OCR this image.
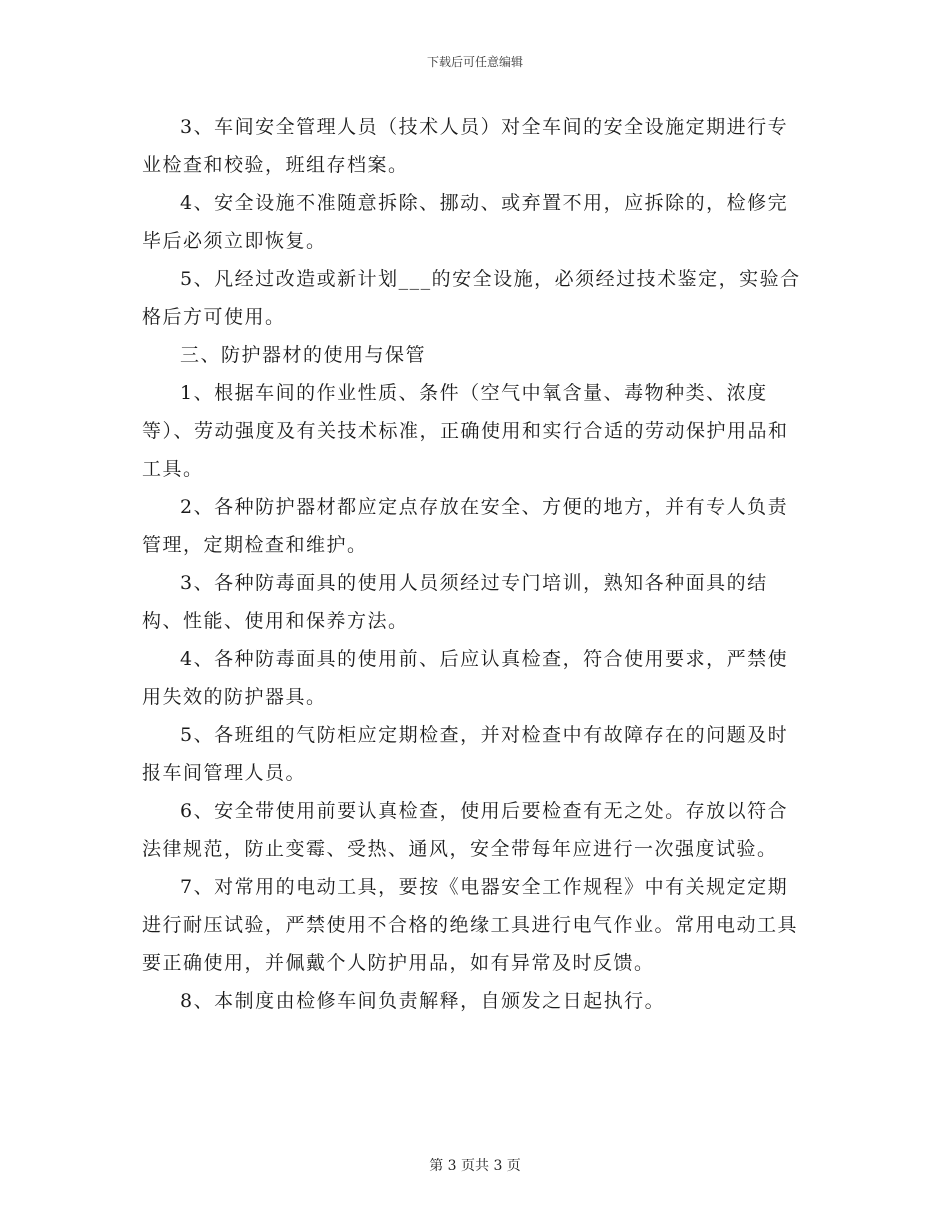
下载后可任意编辑

3、车间安全管理人员（技术人员）对全车间的安全设施定期进行专业检查和校验，班组存档案。

4、安全设施不准随意拆除、挪动、或弃置不用，应拆除的，检修完毕后必须立即恢复。

5、凡经过改造或新计划___的安全设施，必须经过技术鉴定，实验合格后方可使用。

三、防护器材的使用与保管

1、根据车间的作业性质、条件（空气中氧含量、毒物种类、浓度等）、劳动强度及有关技术标准，正确使用和实行合适的劳动保护用品和工具。

2、各种防护器材都应定点存放在安全、方便的地方，并有专人负责管理，定期检查和维护。

3、各种防毒面具的使用人员须经过专门培训，熟知各种面具的结构、性能、使用和保养方法。

4、各种防毒面具的使用前、后应认真检查，符合使用要求，严禁使用失效的防护器具。

5、各班组的气防柜应定期检查，并对检查中有故障存在的问题及时报车间管理人员。

6、安全带使用前要认真检查，使用后要检查有无之处。存放以符合法律规范，防止变霉、受热、通风，安全带每年应进行一次强度试验。

7、对常用的电动工具，要按《电器安全工作规程》中有关规定定期进行耐压试验，严禁使用不合格的绝缘工具进行电气作业。常用电动工具要正确使用，并佩戴个人防护用品，如有异常及时反馈。

8、本制度由检修车间负责解释，自颁发之日起执行。

第 3 页共 3 页
